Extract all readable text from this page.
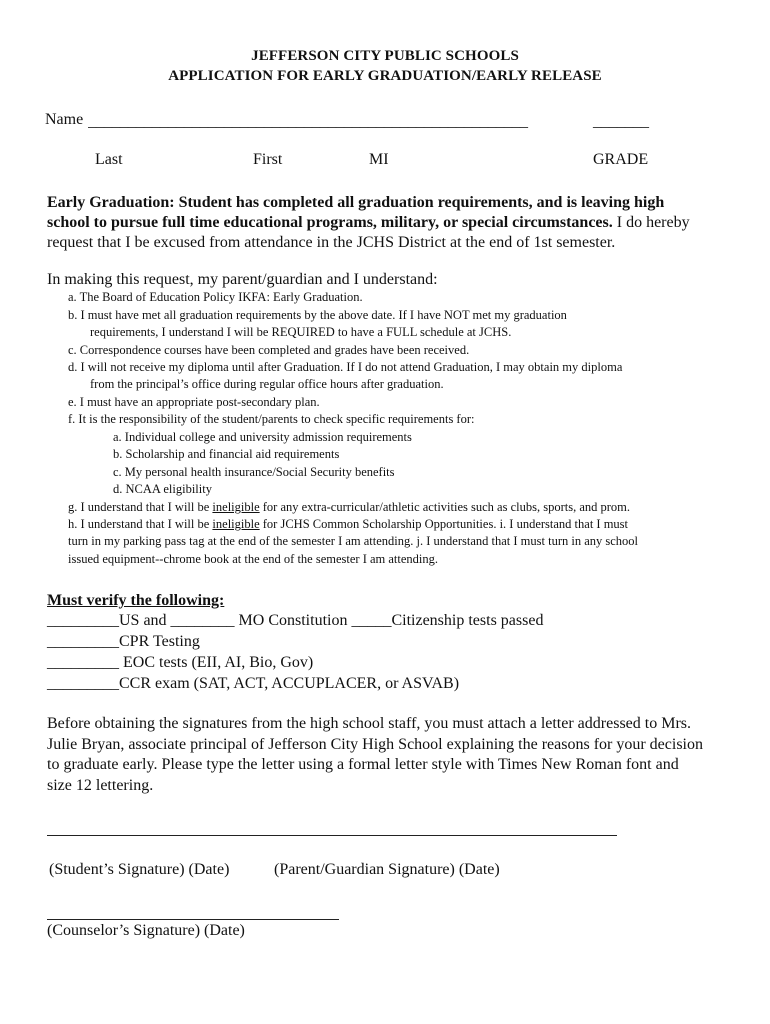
JEFFERSON CITY PUBLIC SCHOOLS
APPLICATION FOR EARLY GRADUATION/EARLY RELEASE
Name _______________________________________________________	_______
Last	First	MI	GRADE
Early Graduation: Student has completed all graduation requirements, and is leaving high
school to pursue full time educational programs, military, or special circumstances. I do hereby
request that I be excused from attendance in the JCHS District at the end of 1st semester.
In making this request, my parent/guardian and I understand:
a. The Board of Education Policy IKFA: Early Graduation.
b. I must have met all graduation requirements by the above date. If I have NOT met my graduation
requirements, I understand I will be REQUIRED to have a FULL schedule at JCHS.
c. Correspondence courses have been completed and grades have been received.
d. I will not receive my diploma until after Graduation. If I do not attend Graduation, I may obtain my diploma
from the principal’s office during regular office hours after graduation.
e. I must have an appropriate post-secondary plan.
f. It is the responsibility of the student/parents to check specific requirements for:
a. Individual college and university admission requirements
b. Scholarship and financial aid requirements
c. My personal health insurance/Social Security benefits
d. NCAA eligibility
g. I understand that I will be ineligible for any extra-curricular/athletic activities such as clubs, sports, and prom.
h. I understand that I will be ineligible for JCHS Common Scholarship Opportunities. i. I understand that I must
turn in my parking pass tag at the end of the semester I am attending. j. I understand that I must turn in any school
issued equipment--chrome book at the end of the semester I am attending.
Must verify the following:
_________US and ________ MO Constitution _____Citizenship tests passed
_________CPR Testing
_________ EOC tests (EII, AI, Bio, Gov)
_________CCR exam (SAT, ACT, ACCUPLACER, or ASVAB)
Before obtaining the signatures from the high school staff, you must attach a letter addressed to Mrs.
Julie Bryan, associate principal of Jefferson City High School explaining the reasons for your decision
to graduate early. Please type the letter using a formal letter style with Times New Roman font and
size 12 lettering.
(Student’s Signature) (Date)	(Parent/Guardian Signature) (Date)
(Counselor’s Signature) (Date)
